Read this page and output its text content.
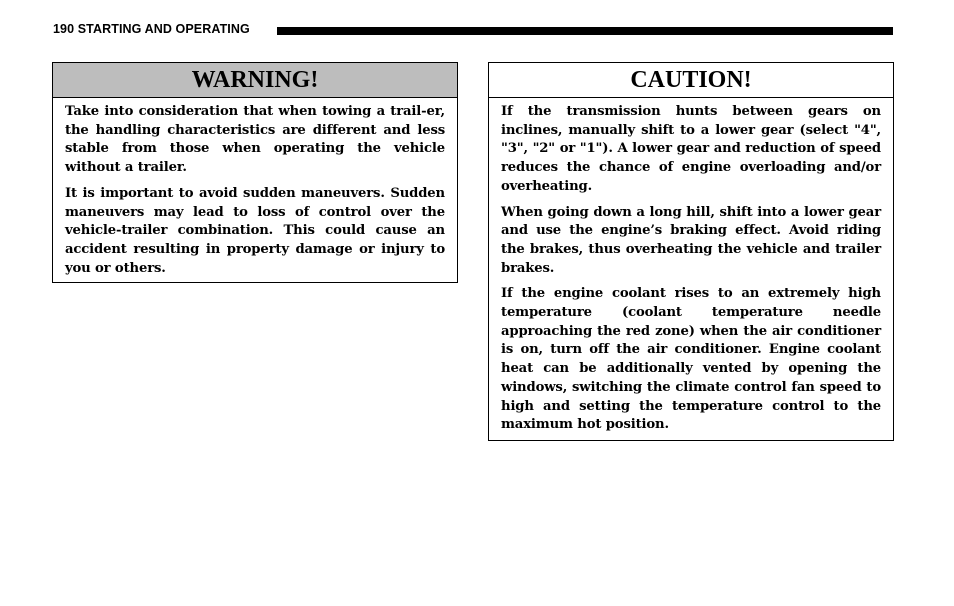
190 STARTING AND OPERATING
WARNING!

Take into consideration that when towing a trail-er, the handling characteristics are different and less stable from those when operating the vehicle without a trailer.

It is important to avoid sudden maneuvers. Sudden maneuvers may lead to loss of control over the vehicle-trailer combination. This could cause an accident resulting in property damage or injury to you or others.

CAUTION!

If the transmission hunts between gears on inclines, manually shift to a lower gear (select "4", "3", "2" or "1"). A lower gear and reduction of speed reduces the chance of engine overloading and/or overheating.

When going down a long hill, shift into a lower gear and use the engine’s braking effect. Avoid riding the brakes, thus overheating the vehicle and trailer brakes.

If the engine coolant rises to an extremely high temperature (coolant temperature needle approaching the red zone) when the air conditioner is on, turn off the air conditioner. Engine coolant heat can be additionally vented by opening the windows, switching the climate control fan speed to high and setting the temperature control to the maximum hot position.
